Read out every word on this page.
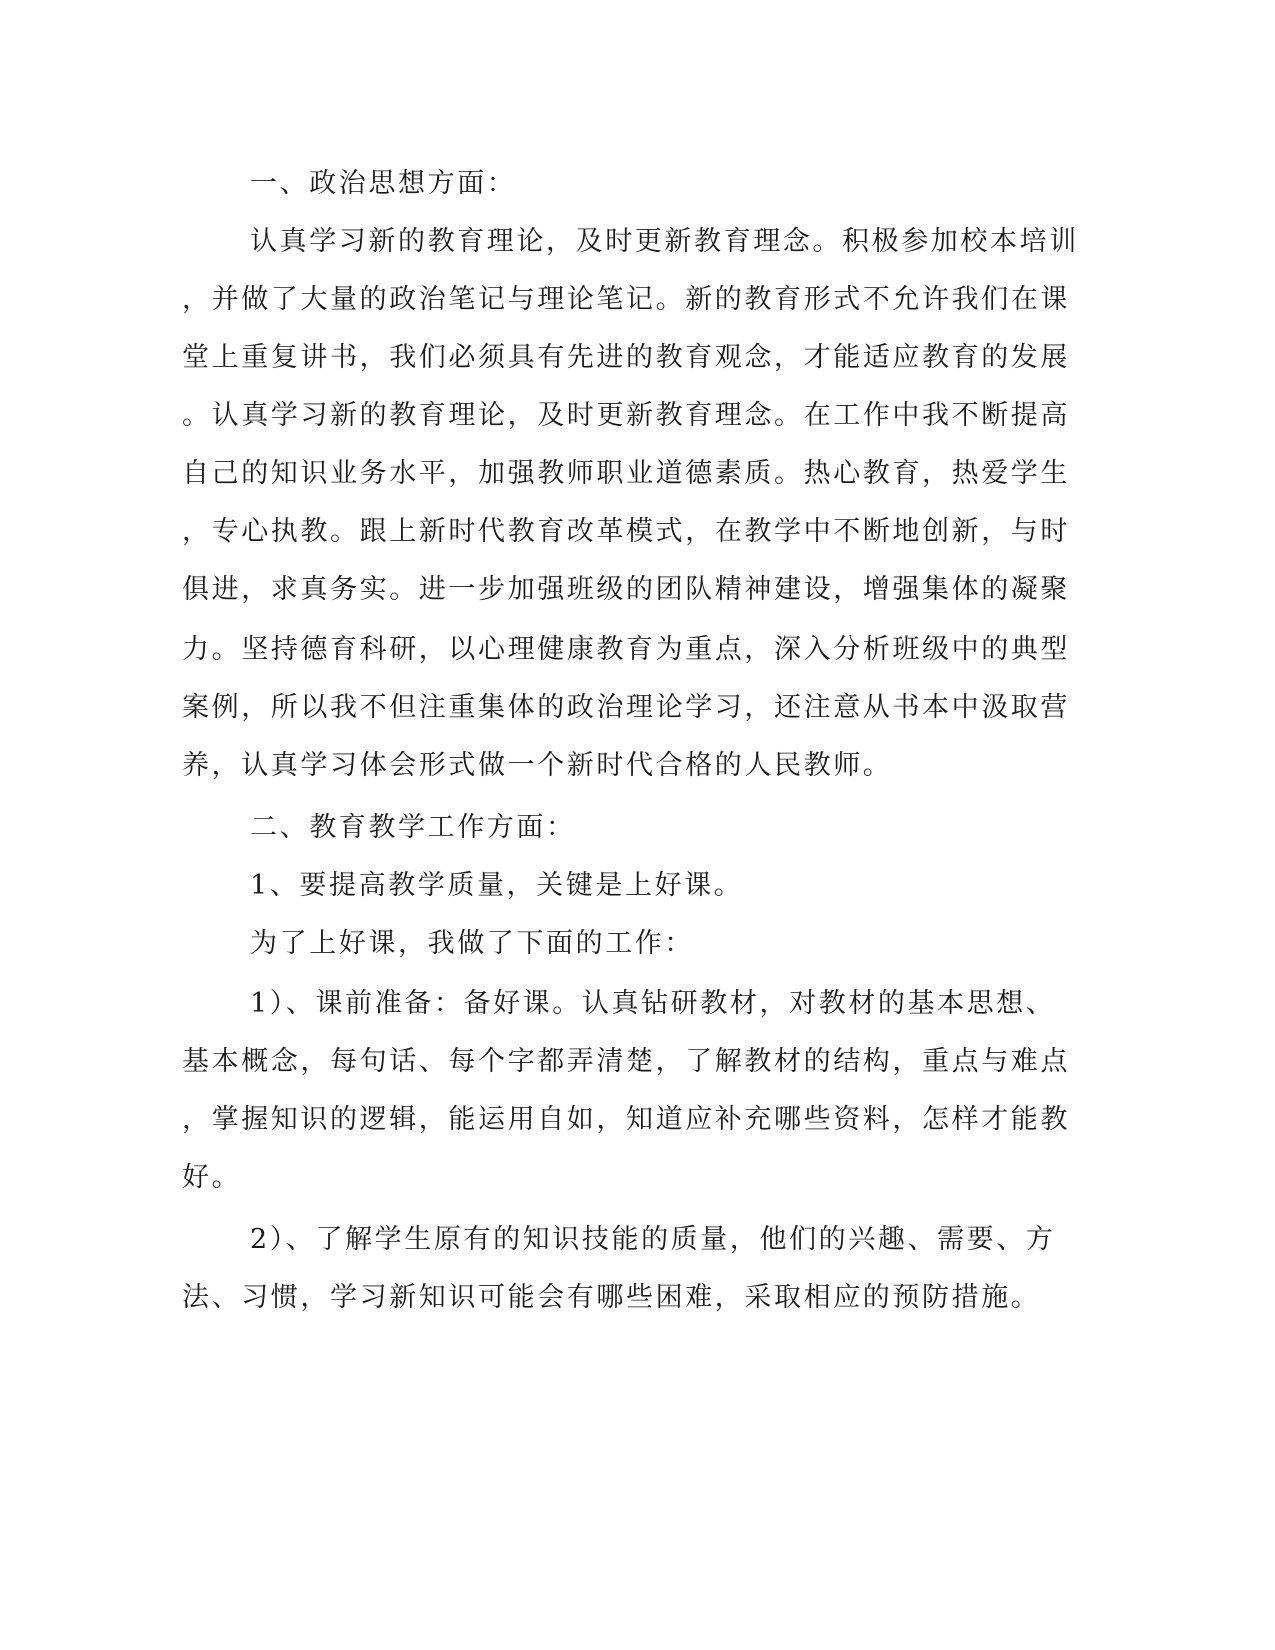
一、政治思想方面：
认真学习新的教育理论，及时更新教育理念。积极参加校本培训
，并做了大量的政治笔记与理论笔记。新的教育形式不允许我们在课
堂上重复讲书，我们必须具有先进的教育观念，才能适应教育的发展
。认真学习新的教育理论，及时更新教育理念。在工作中我不断提高
自己的知识业务水平，加强教师职业道德素质。热心教育，热爱学生
，专心执教。跟上新时代教育改革模式，在教学中不断地创新，与时
俱进，求真务实。进一步加强班级的团队精神建设，增强集体的凝聚
力。坚持德育科研，以心理健康教育为重点，深入分析班级中的典型
案例，所以我不但注重集体的政治理论学习，还注意从书本中汲取营
养，认真学习体会形式做一个新时代合格的人民教师。
二、教育教学工作方面：
1、要提高教学质量，关键是上好课。
为了上好课，我做了下面的工作：
1）、课前准备：备好课。认真钻研教材，对教材的基本思想、
基本概念，每句话、每个字都弄清楚，了解教材的结构，重点与难点
，掌握知识的逻辑，能运用自如，知道应补充哪些资料，怎样才能教
好。
2）、了解学生原有的知识技能的质量，他们的兴趣、需要、方
法、习惯，学习新知识可能会有哪些困难，采取相应的预防措施。
